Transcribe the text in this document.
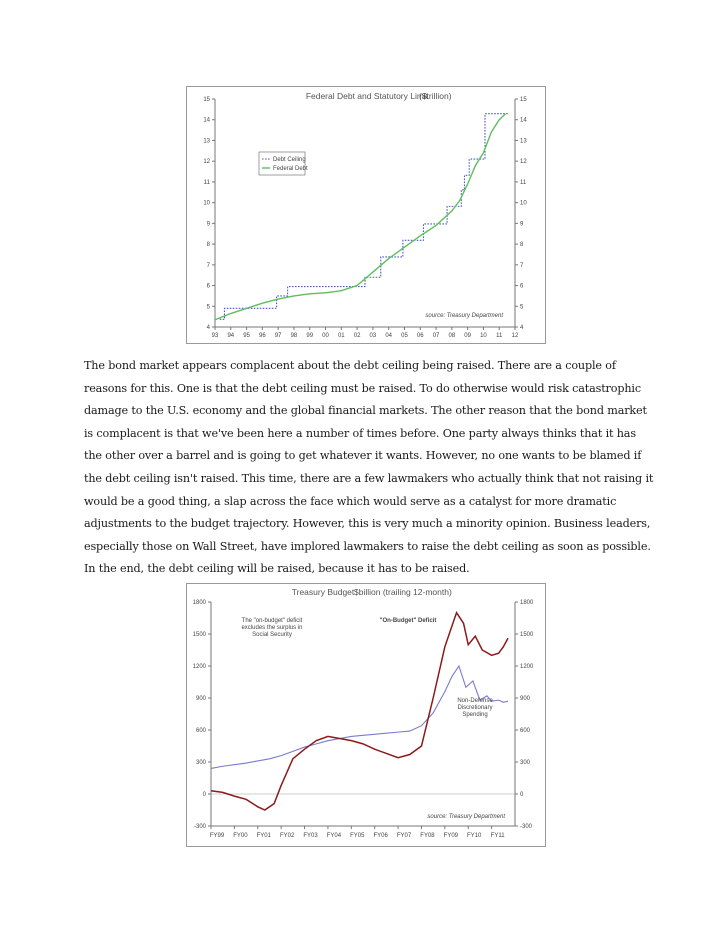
Federal Debt and Statutory Limit
($trillion)
4	4
5	5
6	6
7	7
8	8
9	9
10	10
11	11
12	12
13	13
14	14
15	15
93 94 95 96 97 98 99 00 01 02 03 04 05 06 07 08 09 10 11 12
Debt Ceiling
Federal Debt
source: Treasury Department

The bond market appears complacent about the debt ceiling being raised. There are a couple of reasons for this. One is that the debt ceiling must be raised. To do otherwise would risk catastrophic damage to the U.S. economy and the global financial markets. The other reason that the bond market is complacent is that we've been here a number of times before. One party always thinks that it has the other over a barrel and is going to get whatever it wants. However, no one wants to be blamed if the debt ceiling isn't raised. This time, there are a few lawmakers who actually think that not raising it would be a good thing, a slap across the face which would serve as a catalyst for more dramatic adjustments to the budget trajectory. However, this is very much a minority opinion. Business leaders, especially those on Wall Street, have implored lawmakers to raise the debt ceiling as soon as possible. In the end, the debt ceiling will be raised, because it has to be raised.

Treasury Budget $billion (trailing 12-month)
-300	-300
0	0
300	300
600	600
900	900
1200	1200
1500	1500
1800	1800
FY99 FY00 FY01 FY02 FY03 FY04 FY05 FY06 FY07 FY08 FY09 FY10 FY11
"On-Budget" Deficit
The "on-budget" deficit
excludes the surplus in
Social Security
Non-Defense
Discretionary
Spending
source: Treasury Department
